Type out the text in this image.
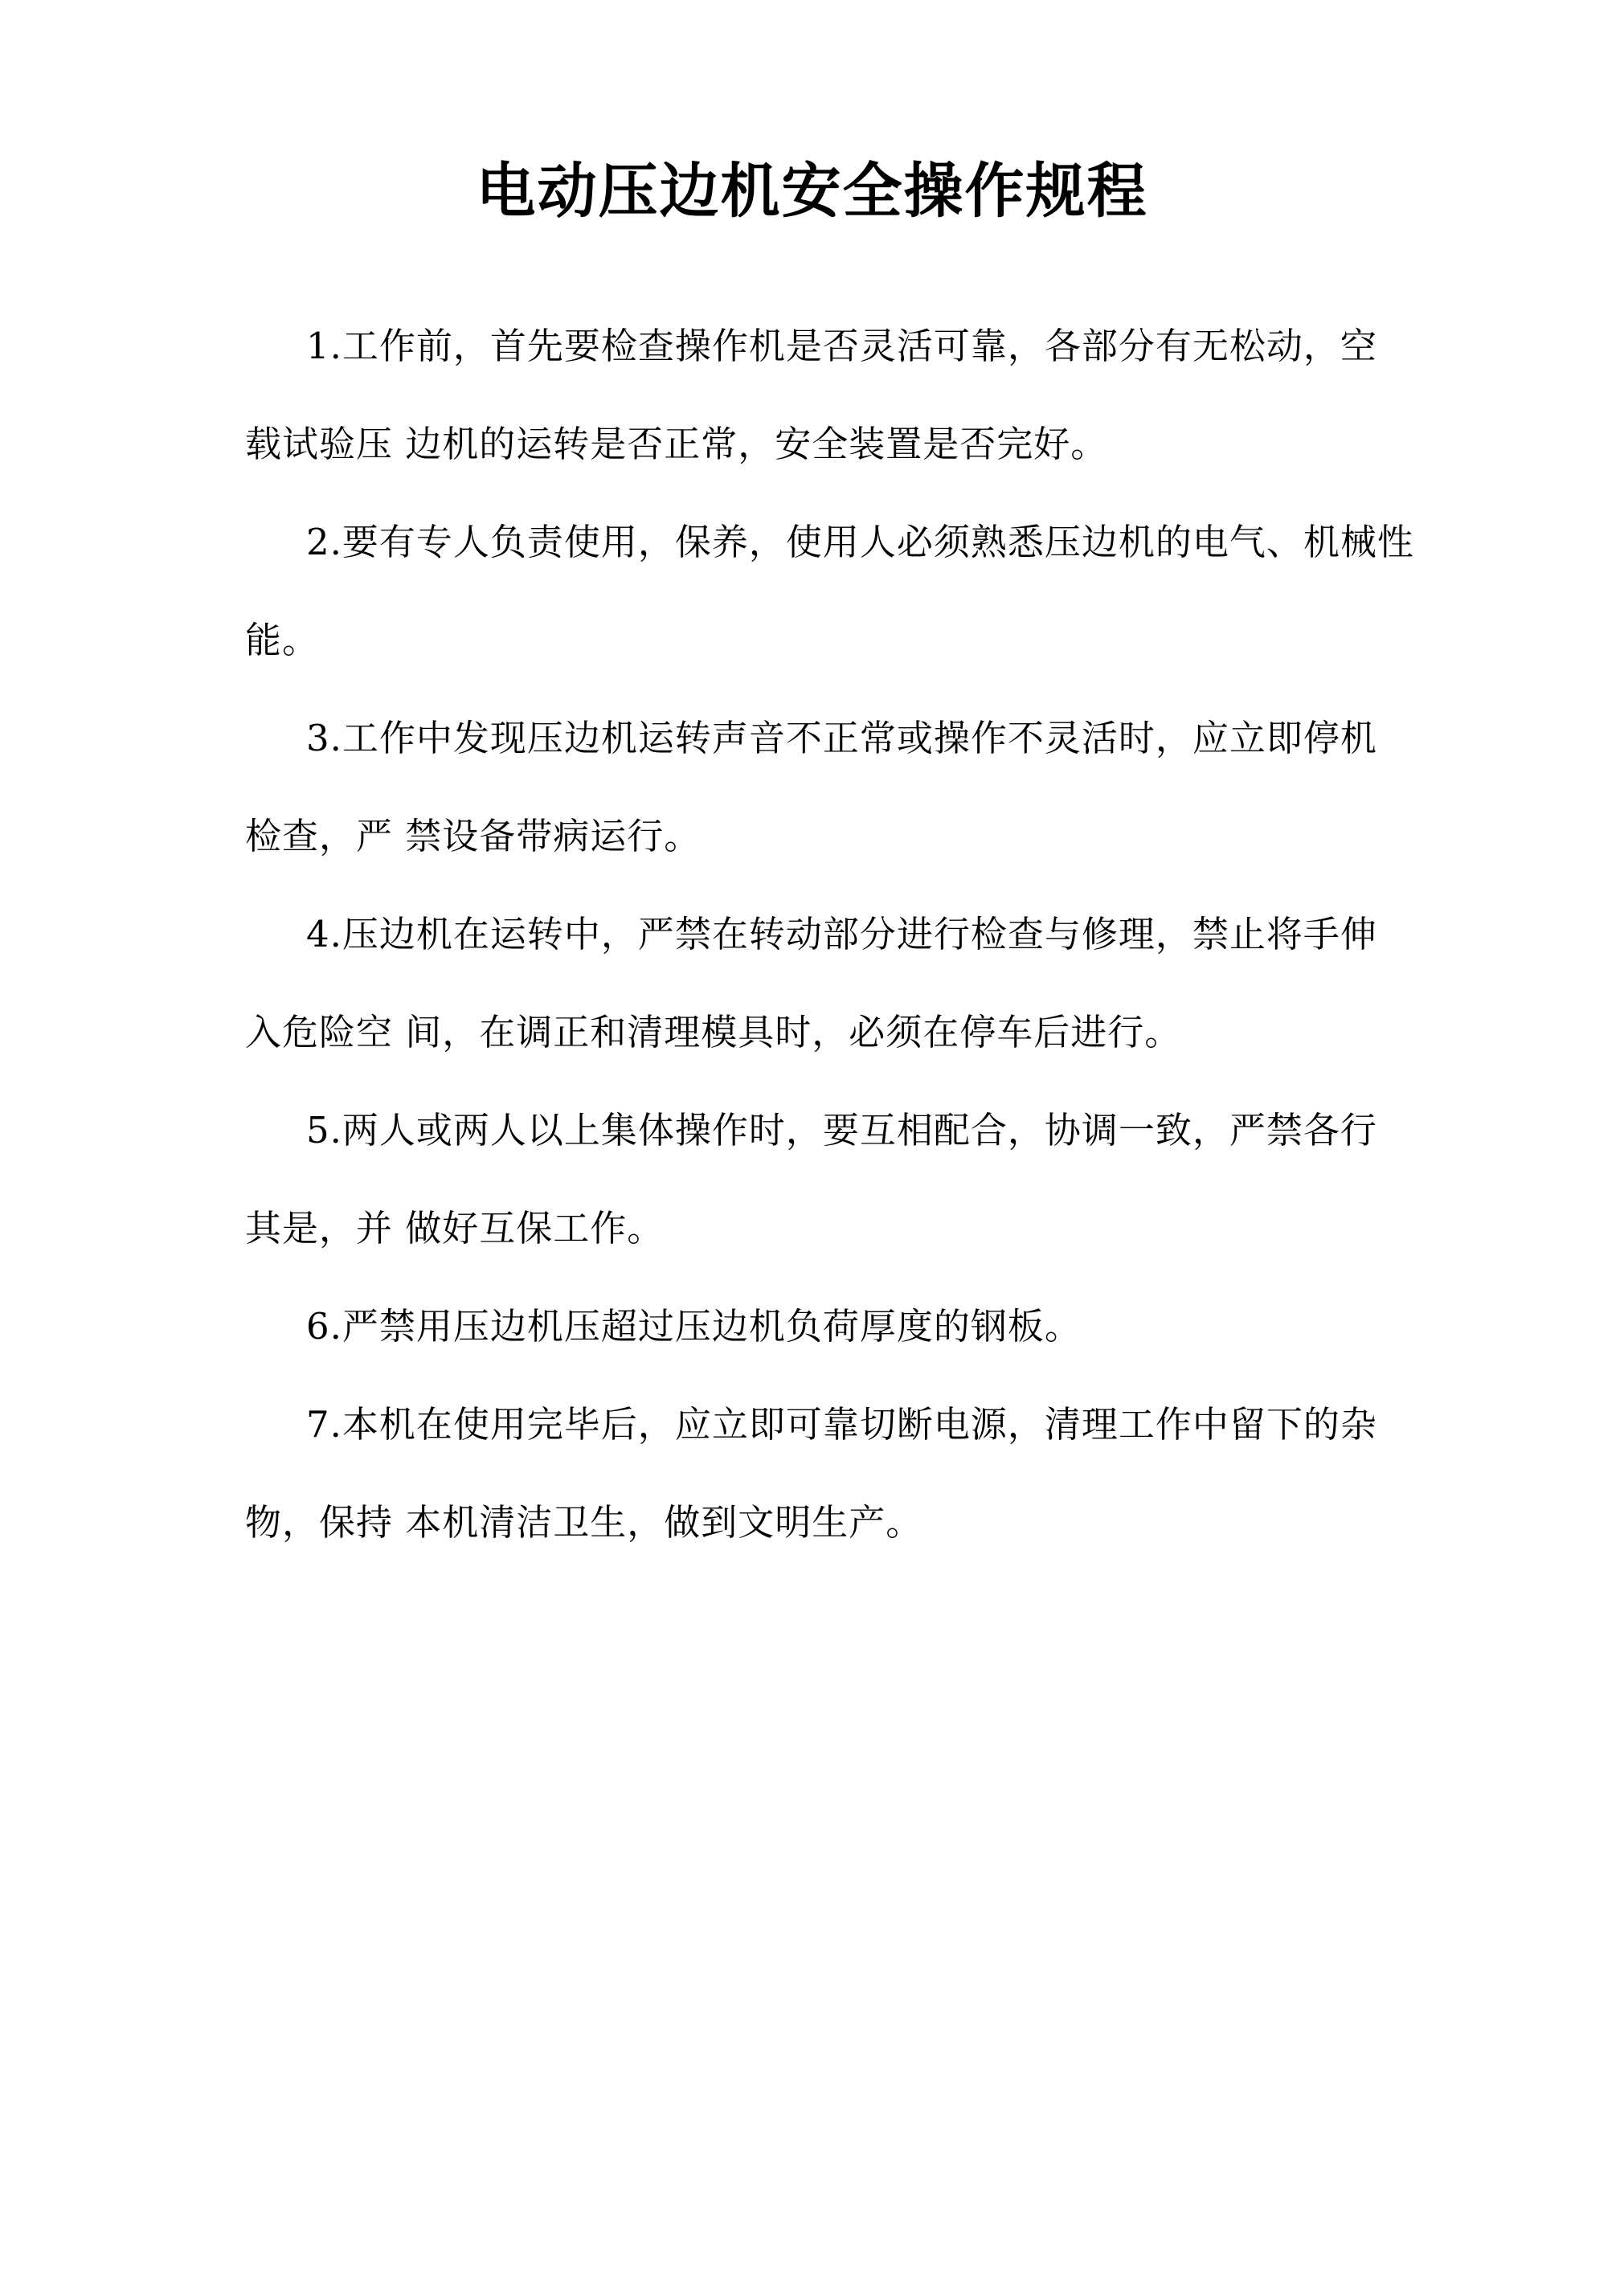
电动压边机安全操作规程
1.工作前，首先要检查操作机是否灵活可靠，各部分有无松动，空
载试验压 边机的运转是否正常，安全装置是否完好。
2.要有专人负责使用，保养，使用人必须熟悉压边机的电气、机械性
能。
3.工作中发现压边机运转声音不正常或操作不灵活时，应立即停机
检查，严 禁设备带病运行。
4.压边机在运转中，严禁在转动部分进行检查与修理，禁止将手伸
入危险空 间，在调正和清理模具时，必须在停车后进行。
5.两人或两人以上集体操作时，要互相配合，协调一致，严禁各行
其是，并 做好互保工作。
6.严禁用压边机压超过压边机负荷厚度的钢板。
7.本机在使用完毕后，应立即可靠切断电源，清理工作中留下的杂
物，保持 本机清洁卫生，做到文明生产。
